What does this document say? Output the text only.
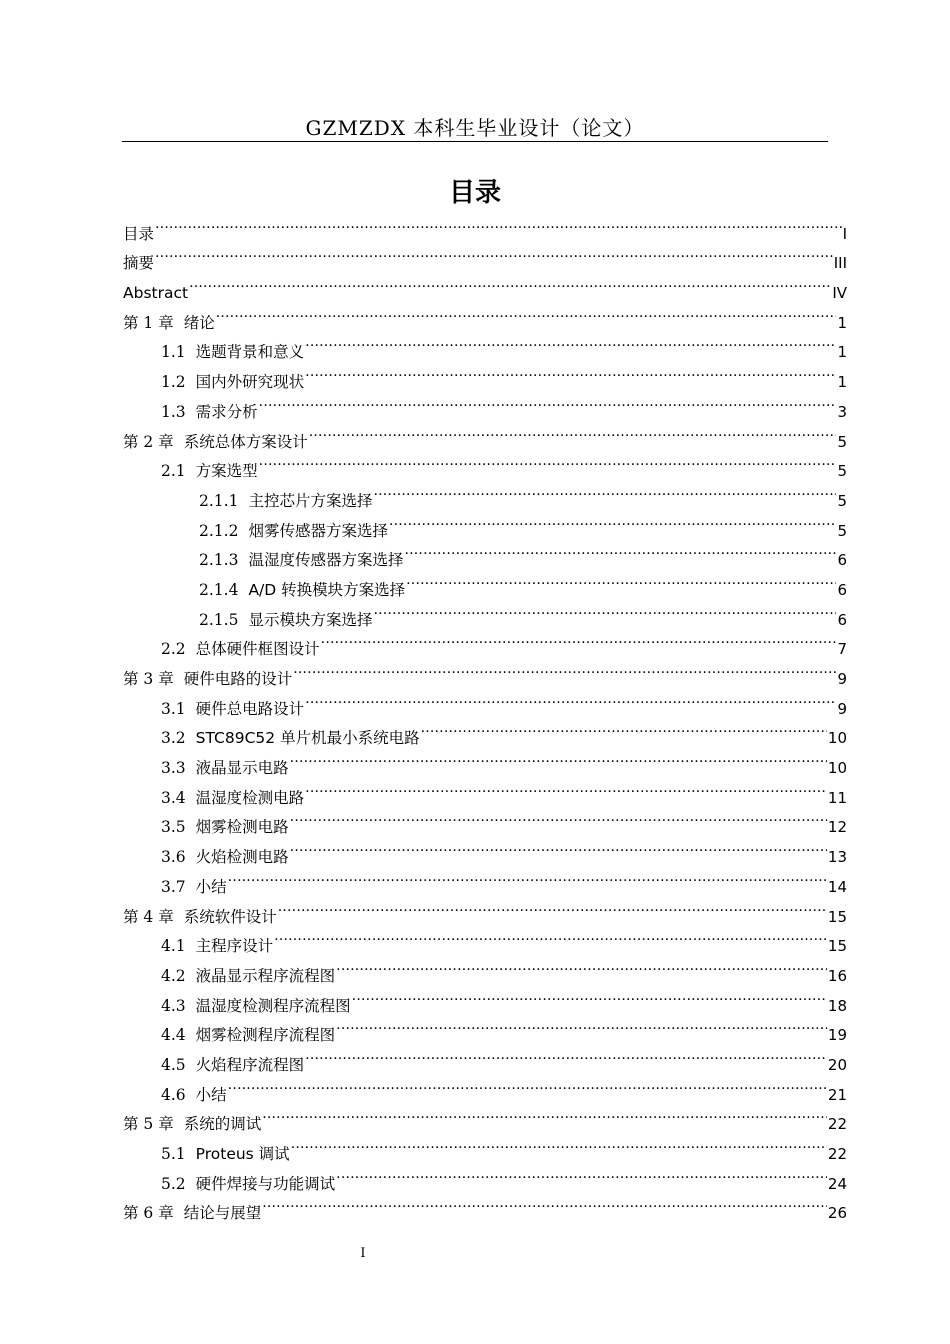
GZMZDX 本科生毕业设计（论文）
目录
目录 .....	I
摘要 .....	III
Abstract .....	IV
第 1 章 绪论 .....	1
1.1 选题背景和意义 .....	1
1.2 国内外研究现状 .....	1
1.3 需求分析 .....	3
第 2 章 系统总体方案设计 .....	5
2.1 方案选型 .....	5
2.1.1 主控芯片方案选择 .....	5
2.1.2 烟雾传感器方案选择 .....	5
2.1.3 温湿度传感器方案选择 .....	6
2.1.4 A/D 转换模块方案选择 .....	6
2.1.5 显示模块方案选择 .....	6
2.2 总体硬件框图设计 .....	7
第 3 章 硬件电路的设计 .....	9
3.1 硬件总电路设计 .....	9
3.2 STC89C52 单片机最小系统电路 .....	10
3.3 液晶显示电路 .....	10
3.4 温湿度检测电路 .....	11
3.5 烟雾检测电路 .....	12
3.6 火焰检测电路 .....	13
3.7 小结 .....	14
第 4 章 系统软件设计 .....	15
4.1 主程序设计 .....	15
4.2 液晶显示程序流程图 .....	16
4.3 温湿度检测程序流程图 .....	18
4.4 烟雾检测程序流程图 .....	19
4.5 火焰程序流程图 .....	20
4.6 小结 .....	21
第 5 章 系统的调试 .....	22
5.1 Proteus 调试 .....	22
5.2 硬件焊接与功能调试 .....	24
第 6 章 结论与展望 .....	26
I
